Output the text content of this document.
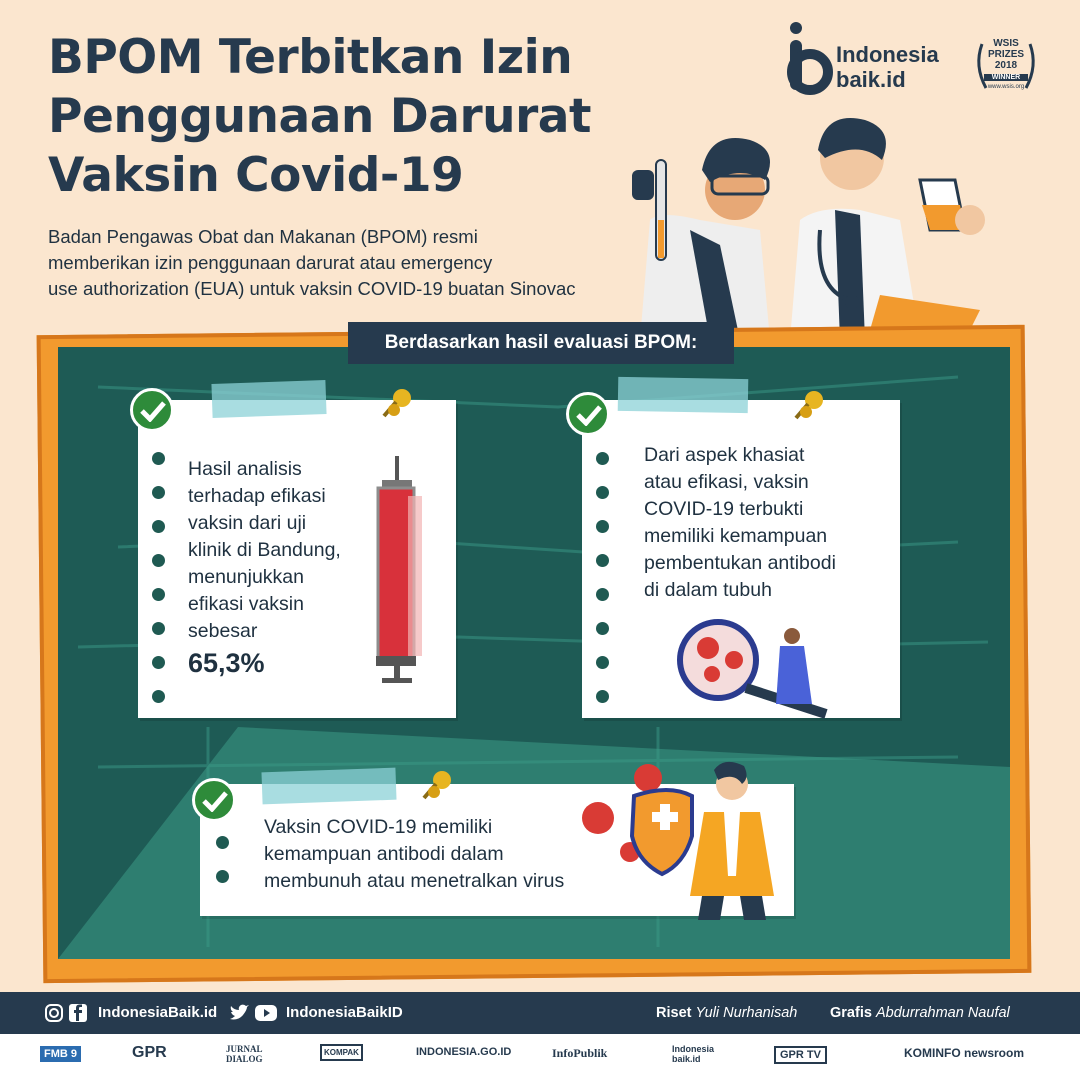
BPOM Terbitkan Izin
Penggunaan Darurat
Vaksin Covid-19
Badan Pengawas Obat dan Makanan (BPOM) resmi
memberikan izin penggunaan darurat atau emergency
use authorization (EUA) untuk vaksin COVID-19 buatan Sinovac
Indonesia
baik.id
WSIS
PRIZES
2018
WINNER
www.wsis.org
Berdasarkan hasil evaluasi BPOM:
Hasil analisis
terhadap efikasi
vaksin dari uji
klinik di Bandung,
menunjukkan
efikasi vaksin
sebesar
65,3%
Dari aspek khasiat
atau efikasi, vaksin
COVID-19 terbukti
memiliki kemampuan
pembentukan antibodi
di dalam tubuh
Vaksin COVID-19 memiliki
kemampuan antibodi dalam
membunuh atau menetralkan virus
IndonesiaBaik.id	IndonesiaBaikID	Riset Yuli Nurhanisah Grafis Abdurrahman Naufal
FMB 9	GPR	JURNAL DIALOG
KOMPAK	INDONESIA.GO.ID	InfoPublik	Indonesia baik.id	GPR TV	KOMINFO newsroom
